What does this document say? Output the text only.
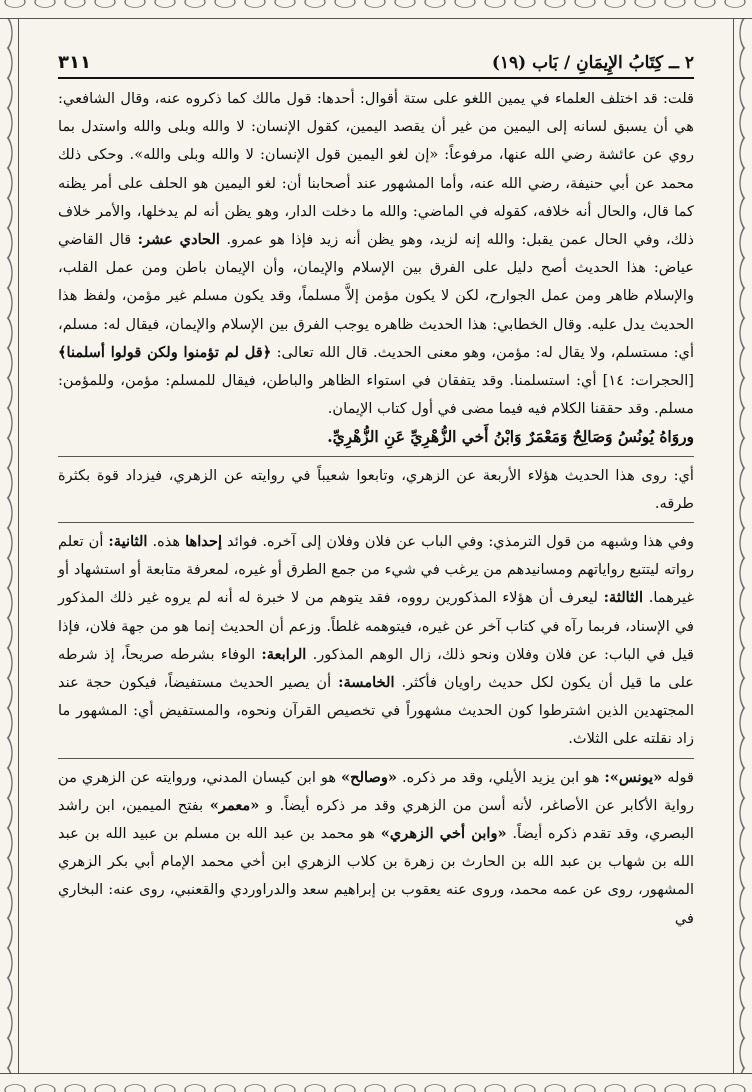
٢ ــ كِتَابُ الإِيمَانِ / بَاب (١٩)
٣١١

قلت: قد اختلف العلماء في يمين اللغو على ستة أقوال: أحدها: قول مالك كما ذكروه عنه، وقال الشافعي: هي أن يسبق لسانه إلى اليمين من غير أن يقصد اليمين، كقول الإنسان: لا والله وبلى والله واستدل بما روي عن عائشة رضي الله عنها، مرفوعاً: «إن لغو اليمين قول الإنسان: لا والله وبلى والله». وحكى ذلك محمد عن أبي حنيفة، رضي الله عنه، وأما المشهور عند أصحابنا أن: لغو اليمين هو الحلف على أمر يظنه كما قال، والحال أنه خلافه، كقوله في الماضي: والله ما دخلت الدار، وهو يظن أنه لم يدخلها، والأمر خلاف ذلك، وفي الحال عمن يقبل: والله إنه لزيد، وهو يظن أنه زيد فإذا هو عمرو. الحادي عشر: قال القاضي عياض: هذا الحديث أصح دليل على الفرق بين الإسلام والإيمان، وأن الإيمان باطن ومن عمل القلب، والإسلام ظاهر ومن عمل الجوارح، لكن لا يكون مؤمن إلاَّ مسلماً، وقد يكون مسلم غير مؤمن، ولفظ هذا الحديث يدل عليه. وقال الخطابي: هذا الحديث ظاهره يوجب الفرق بين الإسلام والإيمان، فيقال له: مسلم، أي: مستسلم، ولا يقال له: مؤمن، وهو معنى الحديث. قال الله تعالى: ﴿قل لم تؤمنوا ولكن قولوا أسلمنا﴾ [الحجرات: ١٤] أي: استسلمنا. وقد يتفقان في استواء الظاهر والباطن، فيقال للمسلم: مؤمن، وللمؤمن: مسلم. وقد حققنا الكلام فيه فيما مضى في أول كتاب الإيمان.

وروَاهُ يُونُسُ وَصَالِحٌ وَمَعْمَرٌ وَابْنُ أَخي الزُّهْرِيِّ عَنِ الزُّهْرِيِّ.

أي: روى هذا الحديث هؤلاء الأربعة عن الزهري، وتابعوا شعيباً في روايته عن الزهري، فيزداد قوة بكثرة طرقه.

وفي هذا وشبهه من قول الترمذي: وفي الباب عن فلان وفلان إلى آخره. فوائد إحداها هذه. الثانية: أن تعلم رواته ليتتبع رواياتهم ومسانيدهم من يرغب في شيء من جمع الطرق أو غيره، لمعرفة متابعة أو استشهاد أو غيرهما. الثالثة: ليعرف أن هؤلاء المذكورين رووه، فقد يتوهم من لا خبرة له أنه لم يروه غير ذلك المذكور في الإسناد، فربما رآه في كتاب آخر عن غيره، فيتوهمه غلطاً. وزعم أن الحديث إنما هو من جهة فلان، فإذا قيل في الباب: عن فلان وفلان ونحو ذلك، زال الوهم المذكور. الرابعة: الوفاء بشرطه صريحاً، إذ شرطه على ما قيل أن يكون لكل حديث راويان فأكثر. الخامسة: أن يصير الحديث مستفيضاً، فيكون حجة عند المجتهدين الذين اشترطوا كون الحديث مشهوراً في تخصيص القرآن ونحوه، والمستفيض أي: المشهور ما زاد نقلته على الثلاث.

قوله «يونس»: هو ابن يزيد الأيلي، وقد مر ذكره. «وصالح» هو ابن كيسان المدني، وروايته عن الزهري من رواية الأكابر عن الأصاغر، لأنه أسن من الزهري وقد مر ذكره أيضاً. و «معمر» بفتح الميمين، ابن راشد البصري، وقد تقدم ذكره أيضاً. «وابن أخي الزهري» هو محمد بن عبد الله بن مسلم بن عبيد الله بن عبد الله بن شهاب بن عبد الله بن الحارث بن زهرة بن كلاب الزهري ابن أخي محمد الإمام أبي بكر الزهري المشهور، روى عن عمه محمد، وروى عنه يعقوب بن إبراهيم سعد والدراوردي والقعنبي، روى عنه: البخاري في
